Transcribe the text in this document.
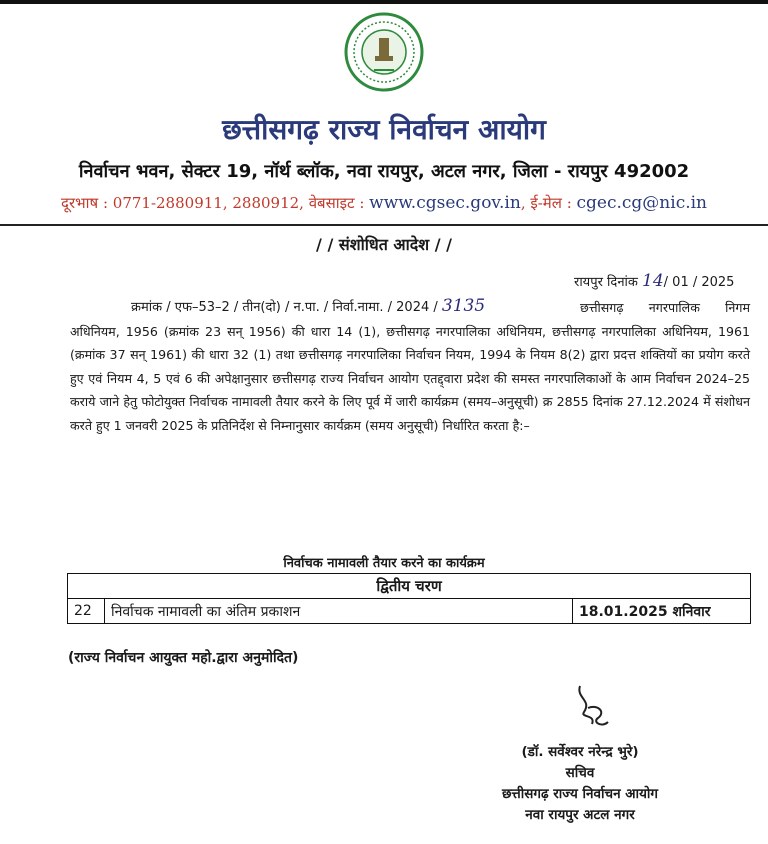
छत्तीसगढ़ राज्य निर्वाचन आयोग
निर्वाचन भवन, सेक्टर 19, नॉर्थ ब्लॉक, नवा रायपुर, अटल नगर, जिला - रायपुर 492002
दूरभाष : 0771-2880911, 2880912, वेबसाइट : www.cgsec.gov.in, ई-मेल : cgec.cg@nic.in
/ / संशोधित आदेश / /
रायपुर दिनांक 14/ 01 / 2025
क्रमांक / एफ–53–2 / तीन(दो) / न.पा. / निर्वा.नामा. / 2024 / 3135	छत्तीसगढ़ नगरपालिक निगम अधिनियम, 1956 (क्रमांक 23 सन् 1956) की धारा 14 (1), छत्तीसगढ़ नगरपालिका अधिनियम, छत्तीसगढ़ नगरपालिका अधिनियम, 1961 (क्रमांक 37 सन् 1961) की धारा 32 (1) तथा छत्तीसगढ़ नगरपालिका निर्वाचन नियम, 1994 के नियम 8(2) द्वारा प्रदत्त शक्तियों का प्रयोग करते हुए एवं नियम 4, 5 एवं 6 की अपेक्षानुसार छत्तीसगढ़ राज्य निर्वाचन आयोग एतद्द्वारा प्रदेश की समस्त नगरपालिकाओं के आम निर्वाचन 2024–25 कराये जाने हेतु फोटोयुक्त निर्वाचक नामावली तैयार करने के लिए पूर्व में जारी कार्यक्रम (समय–अनुसूची) क्र 2855 दिनांक 27.12.2024 में संशोधन करते हुए 1 जनवरी 2025 के प्रतिनिर्देश से निम्नानुसार कार्यक्रम (समय अनुसूची) निर्धारित करता है:–
निर्वाचक नामावली तैयार करने का कार्यक्रम
द्वितीय चरण
22	निर्वाचक नामावली का अंतिम प्रकाशन	18.01.2025 शनिवार
(राज्य निर्वाचन आयुक्त महो.द्वारा अनुमोदित)
(डॉ. सर्वेश्वर नरेन्द्र भुरे)
सचिव
छत्तीसगढ़ राज्य निर्वाचन आयोग
नवा रायपुर अटल नगर
